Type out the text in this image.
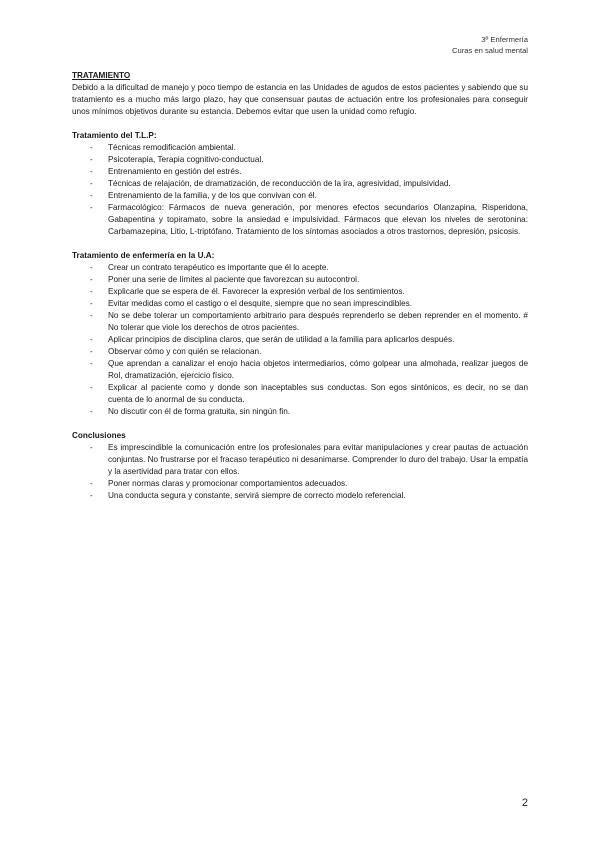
3º Enfermería
Curas en salud mental

TRATAMIENTO

Debido a la dificultad de manejo y poco tiempo de estancia en las Unidades de agudos de estos pacientes y sabiendo que su tratamiento es a mucho más largo plazo, hay que consensuar pautas de actuación entre los profesionales para conseguir unos mínimos objetivos durante su estancia. Debemos evitar que usen la unidad como refugio.

Tratamiento del T.L.P:

- Técnicas remodificación ambiental.
- Psicoterapia, Terapia cognitivo-conductual.
- Entrenamiento en gestión del estrés.
- Técnicas de relajación, de dramatización, de reconducción de la ira, agresividad, impulsividad.
- Entrenamiento de la familia, y de los que convivan con él.
- Farmacológico: Fármacos de nueva generación, por menores efectos secundarios Olanzapina, Risperidona, Gabapentina y topiramato, sobre la ansiedad e impulsividad. Fármacos que elevan los niveles de serotonina: Carbamazepina, Litio, L-triptófano. Tratamiento de los síntomas asociados a otros trastornos, depresión, psicosis.

Tratamiento de enfermería en la U.A:

- Crear un contrato terapéutico es importante que él lo acepte.
- Poner una serie de límites al paciente que favorezcan su autocontrol.
- Explicarle que se espera de él. Favorecer la expresión verbal de los sentimientos.
- Evitar medidas como el castigo o el desquite, siempre que no sean imprescindibles.
- No se debe tolerar un comportamiento arbitrario para después reprenderlo se deben reprender en el momento. # No tolerar que viole los derechos de otros pacientes.
- Aplicar principios de disciplina claros, que serán de utilidad a la familia para aplicarlos después.
- Observar cómo y con quién se relacionan.
- Que aprendan a canalizar el enojo hacia objetos intermediarios, cómo golpear una almohada, realizar juegos de Rol, dramatización, ejercicio físico.
- Explicar al paciente como y donde son inaceptables sus conductas. Son egos sintónicos, es decir, no se dan cuenta de lo anormal de su conducta.
- No discutir con él de forma gratuita, sin ningún fin.

Conclusiones

- Es imprescindible la comunicación entre los profesionales para evitar manipulaciones y crear pautas de actuación conjuntas. No frustrarse por el fracaso terapéutico ni desanimarse. Comprender lo duro del trabajo. Usar la empatía y la asertividad para tratar con ellos.
- Poner normas claras y promocionar comportamientos adecuados.
- Una conducta segura y constante, servirá siempre de correcto modelo referencial.
2
